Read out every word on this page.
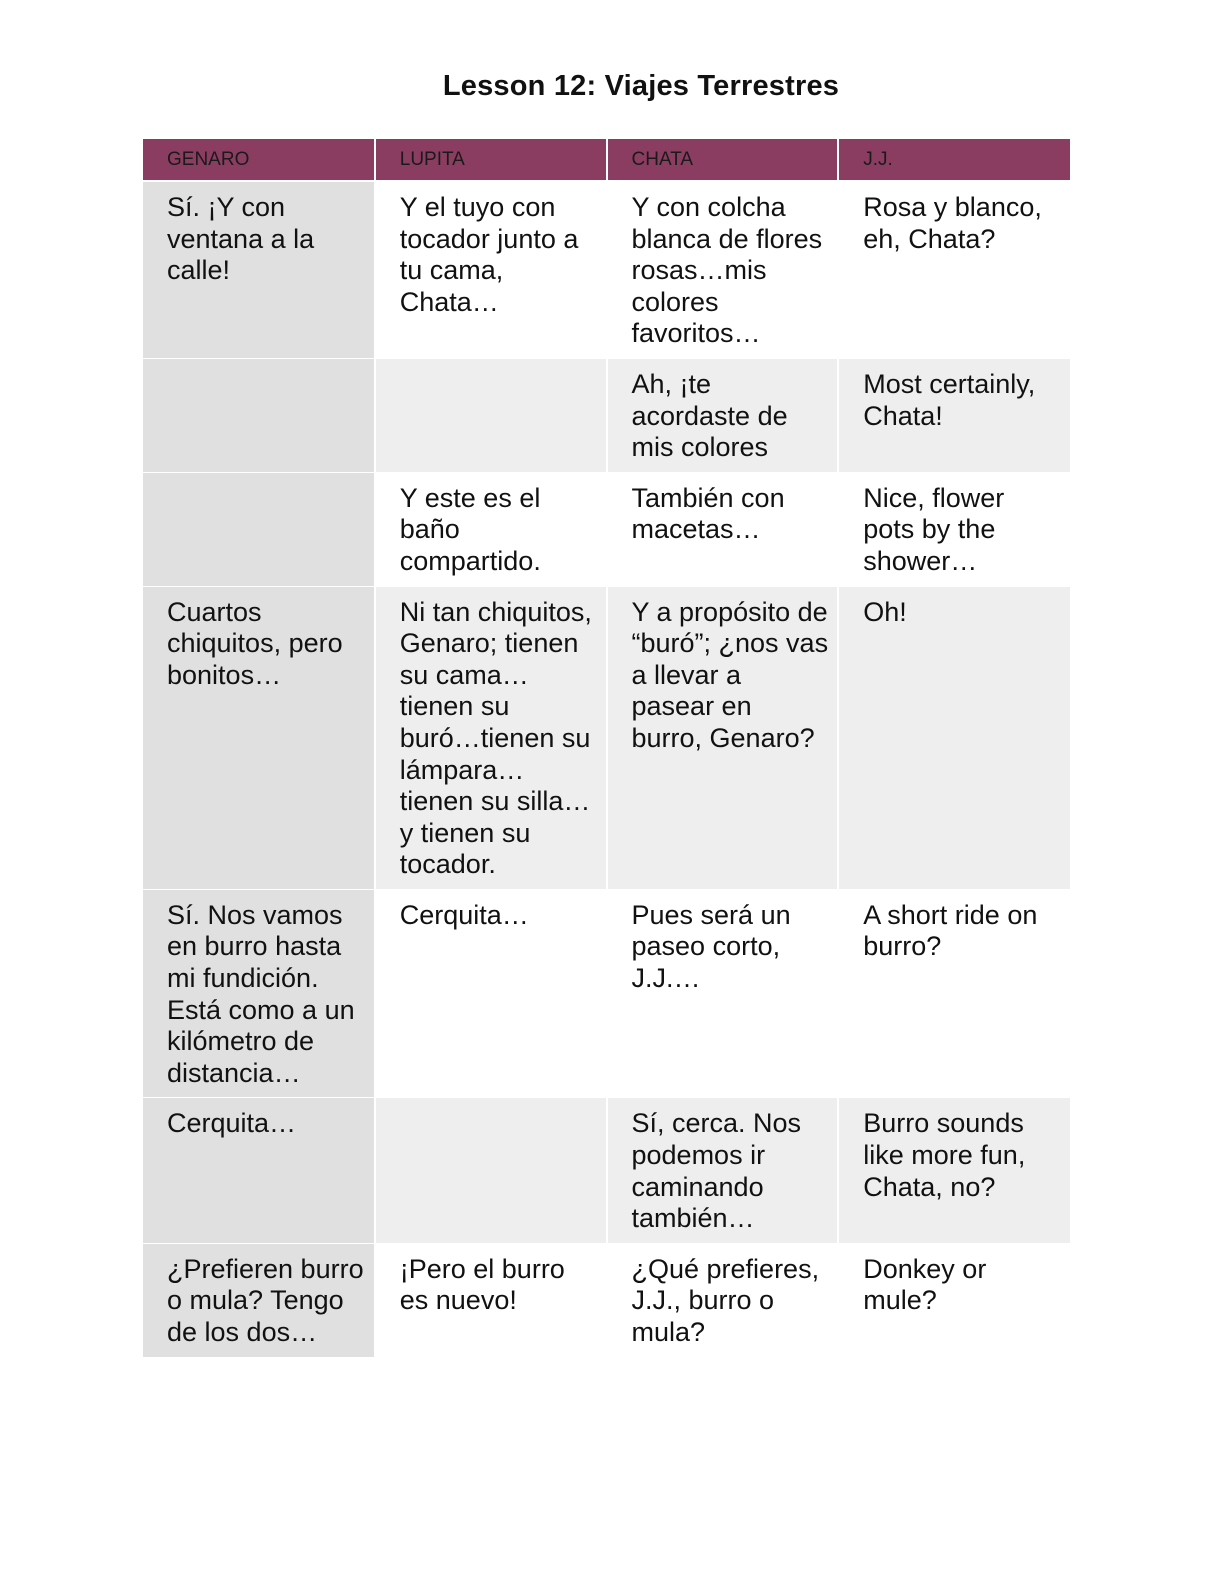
Lesson 12: Viajes Terrestres
GENARO	LUPITA	CHATA	J.J.
Sí. ¡Y con ventana a la calle!	Y el tuyo con tocador junto a tu cama, Chata…	Y con colcha blanca de flores rosas…mis colores favoritos…	Rosa y blanco, eh, Chata?
		Ah, ¡te acordaste de mis colores	Most certainly, Chata!
	Y este es el baño compartido.	También con macetas…	Nice, flower pots by the shower…
Cuartos chiquitos, pero bonitos…	Ni tan chiquitos, Genaro; tienen su cama… tienen su buró…tienen su lámpara… tienen su silla… y tienen su tocador.	Y a propósito de “buró”; ¿nos vas a llevar a pasear en burro, Genaro?	Oh!
Sí. Nos vamos en burro hasta mi fundición. Está como a un kilómetro de distancia…	Cerquita…	Pues será un paseo corto, J.J.…	A short ride on burro?
Cerquita…		Sí, cerca. Nos podemos ir caminando también…	Burro sounds like more fun, Chata, no?
¿Prefieren burro o mula? Tengo de los dos…	¡Pero el burro es nuevo!	¿Qué prefieres, J.J., burro o mula?	Donkey or mule?
